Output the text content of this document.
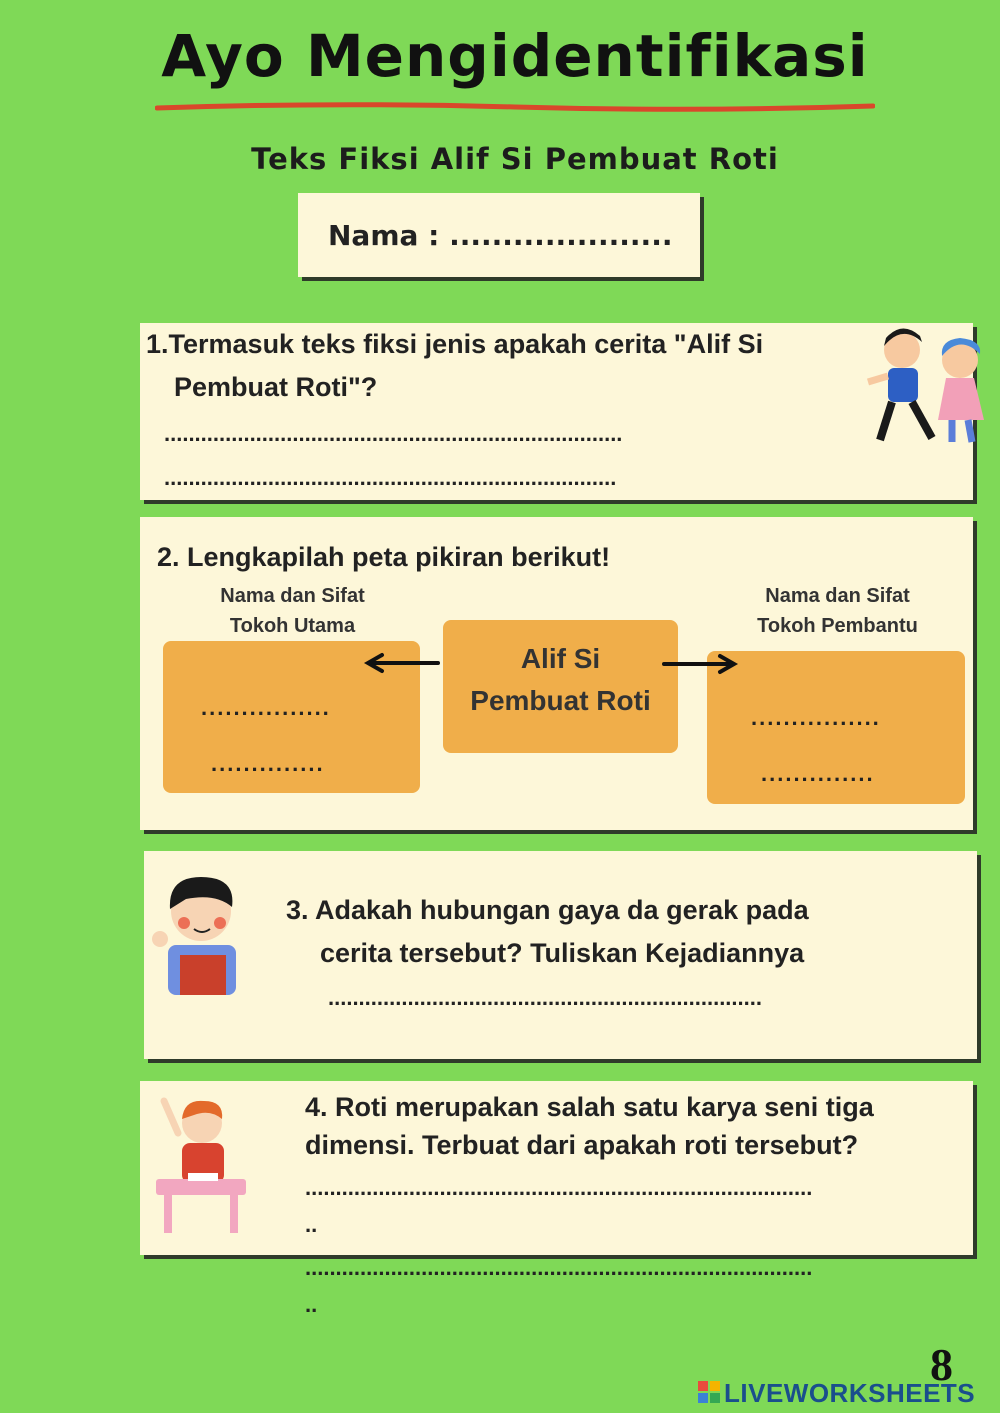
Ayo Mengidentifikasi
Teks Fiksi Alif Si Pembuat Roti
Nama : .....................
1.Termasuk teks fiksi jenis apakah cerita "Alif Si
Pembuat Roti"?
...........................................................................
..........................................................................
2. Lengkapilah peta pikiran berikut!
Nama dan Sifat
Tokoh Utama
Nama dan Sifat
Tokoh Pembantu
................
..............
Alif Si
Pembuat Roti
................
..............
3. Adakah hubungan gaya da gerak pada
cerita tersebut? Tuliskan Kejadiannya
.......................................................................
4. Roti merupakan salah satu karya seni tiga
dimensi. Terbuat dari apakah roti tersebut?
...................................................................................
..
...................................................................................
..
8
LIVEWORKSHEETS
